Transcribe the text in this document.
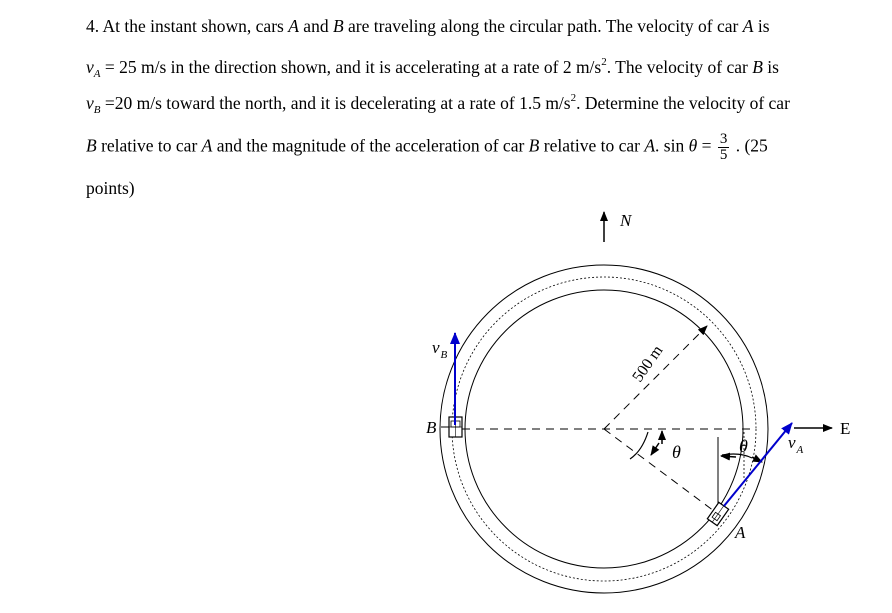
4. At the instant shown, cars A and B are traveling along the circular path. The velocity of car A is
$v_A = 25$ m/s in the direction shown, and it is accelerating at a rate of 2 $m/s^2$. The velocity of car B is
$v_B =20$ m/s toward the north, and it is decelerating at a rate of 1.5 $m/s^2$. Determine the velocity of car
B relative to car A and the magnitude of the acceleration of car B relative to car A. $\sin \theta = \frac{3}{5}$ . (25
points)
N
500 m
θ	θ
A
$v_A$
E
B
$v_B$
